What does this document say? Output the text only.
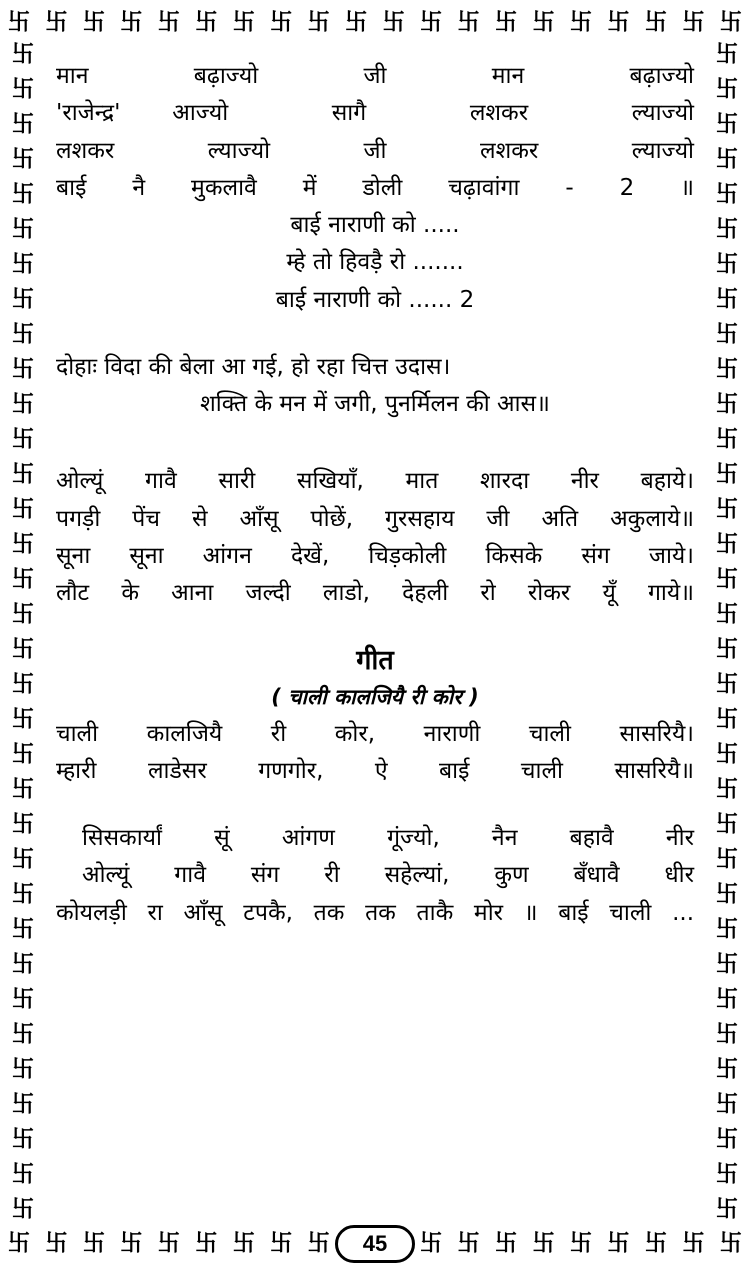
卐 卐 卐 卐 卐 卐 卐 卐 卐 卐 卐 卐 卐 卐 卐 卐 卐 卐 卐 卐
卐 卐 卐 卐 卐 卐 卐 卐 卐	卐 卐 卐 卐 卐 卐 卐 卐 卐
卐
卐
卐
卐
卐
卐
卐
卐
卐
卐
卐
卐
卐
卐
卐
卐
卐
卐
卐
卐
卐
卐
卐
卐
卐
卐
卐
卐
卐
卐
卐
卐
卐
卐
卐
卐
卐
卐
卐
卐
卐
卐
卐
卐
卐
卐
卐
卐
卐
卐
卐
卐
卐
卐
卐
卐
卐
卐
卐
卐
卐
卐
卐
卐
卐
卐
卐
卐
मान    बढ़ाज्यो    जी    मान    बढ़ाज्यो
'राजेन्द्र' आज्यो  सागै  लशकर  ल्याज्यो
लशकर   ल्याज्यो   जी   लशकर   ल्याज्यो
बाई नै मुकलावै में डोली चढ़ावांगा - 2 ॥
बाई नाराणी को .....
म्हे तो हिवड़ै रो .......
बाई नाराणी को ...... 2
दोहाः विदा की बेला आ गई, हो रहा चित्त उदास।
शक्ति के मन में जगी, पुनर्मिलन की आस॥
ओल्यूं गावै सारी सखियाँ, मात शारदा नीर बहाये।
पगड़ी पेंच से आँसू पोछें, गुरसहाय जी अति अकुलाये॥
सूना सूना आंगन देखें, चिड़कोली किसके संग जाये।
लौट के आना जल्दी लाडो, देहली रो रोकर यूँ गाये॥
गीत
( चाली कालजियै री कोर )
चाली  कालजियै  री  कोर,  नाराणी  चाली  सासरियै।
म्हारी  लाडेसर  गणगोर,  ऐ  बाई  चाली  सासरियै॥
सिसकार्यां सूं आंगण गूंज्यो, नैन बहावै नीर
ओल्यूं गावै संग री सहेल्यां, कुण बँधावै धीर
कोयलड़ी रा आँसू टपकै, तक तक ताकै मोर ॥ बाई चाली ...
45
